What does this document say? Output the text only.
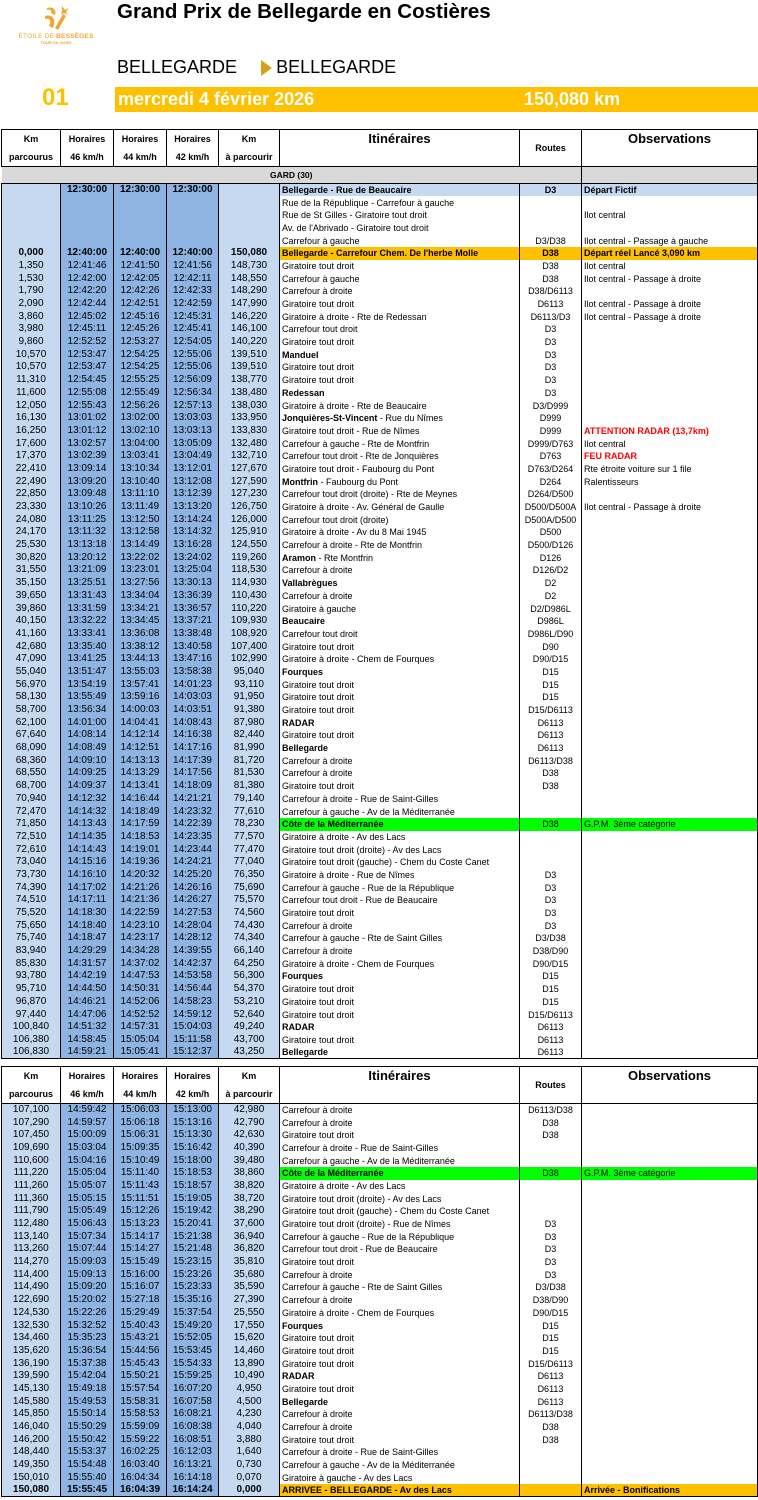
ÉTOILE DE BESSÈGES
TOUR DU GARD
Grand Prix de Bellegarde en Costières
BELLEGARDE BELLEGARDE
01	mercredi 4 février 2026	150,080 km
Km
parcourus	Horaires
46 km/h	Horaires
44 km/h	Horaires
42 km/h	Km
à parcourir	Itinéraires	Routes	Observations
GARD (30)							
	12:30:00	12:30:00	12:30:00		Bellegarde - Rue de Beaucaire	D3	Départ Fictif
					Rue de la République - Carrefour à gauche		
					Rue de St Gilles - Giratoire tout droit		Ilot central
					Av. de l'Abrivado - Giratoire tout droit		
					Carrefour à gauche	D3/D38	Ilot central - Passage à gauche
0,000	12:40:00	12:40:00	12:40:00	150,080	Bellegarde - Carrefour Chem. De l'herbe Molle	D38	Départ réel Lancé 3,090 km
1,350	12:41:46	12:41:50	12:41:56	148,730	Giratoire tout droit	D38	Ilot central
1,530	12:42:00	12:42:05	12:42:11	148,550	Carrefour à gauche	D38	Ilot central - Passage à droite
1,790	12:42:20	12:42:26	12:42:33	148,290	Carrefour à droite	D38/D6113	
2,090	12:42:44	12:42:51	12:42:59	147,990	Giratoire tout droit	D6113	Ilot central - Passage à droite
3,860	12:45:02	12:45:16	12:45:31	146,220	Giratoire à droite - Rte de Redessan	D6113/D3	Ilot central - Passage à droite
3,980	12:45:11	12:45:26	12:45:41	146,100	Carrefour tout droit	D3	
9,860	12:52:52	12:53:27	12:54:05	140,220	Giratoire tout droit	D3	
10,570	12:53:47	12:54:25	12:55:06	139,510	Manduel	D3	
10,570	12:53:47	12:54:25	12:55:06	139,510	Giratoire tout droit	D3	
11,310	12:54:45	12:55:25	12:56:09	138,770	Giratoire tout droit	D3	
11,600	12:55:08	12:55:49	12:56:34	138,480	Redessan	D3	
12,050	12:55:43	12:56:26	12:57:13	138,030	Giratoire à droite - Rte de Beaucaire	D3/D999	
16,130	13:01:02	13:02:00	13:03:03	133,950	Jonquières-St-Vincent - Rue du Nîmes	D999	
16,250	13:01:12	13:02:10	13:03:13	133,830	Giratoire tout droit - Rue de Nîmes	D999	ATTENTION RADAR (13,7km)
17,600	13:02:57	13:04:00	13:05:09	132,480	Carrefour à gauche - Rte de Montfrin	D999/D763	Ilot central
17,370	13:02:39	13:03:41	13:04:49	132,710	Carrefour tout droit - Rte de Jonquières	D763	FEU RADAR
22,410	13:09:14	13:10:34	13:12:01	127,670	Giratoire tout droit - Faubourg du Pont	D763/D264	Rte étroite voiture sur 1 file
22,490	13:09:20	13:10:40	13:12:08	127,590	Montfrin - Faubourg du Pont	D264	Ralentisseurs
22,850	13:09:48	13:11:10	13:12:39	127,230	Carrefour tout droit (droite) - Rte de Meynes	D264/D500	
23,330	13:10:26	13:11:49	13:13:20	126,750	Giratoire à droite - Av. Général de Gaulle	D500/D500A	Ilot central - Passage à droite
24,080	13:11:25	13:12:50	13:14:24	126,000	Carrefour tout droit (droite)	D500A/D500	
24,170	13:11:32	13:12:58	13:14:32	125,910	Giratoire à droite - Av du 8 Mai 1945	D500	
25,530	13:13:18	13:14:49	13:16:28	124,550	Carrefour à droite - Rte de Montfrin	D500/D126	
30,820	13:20:12	13:22:02	13:24:02	119,260	Aramon - Rte Montfrin	D126	
31,550	13:21:09	13:23:01	13:25:04	118,530	Carrefour à droite	D126/D2	
35,150	13:25:51	13:27:56	13:30:13	114,930	Vallabrègues	D2	
39,650	13:31:43	13:34:04	13:36:39	110,430	Carrefour à droite	D2	
39,860	13:31:59	13:34:21	13:36:57	110,220	Giratoire à gauche	D2/D986L	
40,150	13:32:22	13:34:45	13:37:21	109,930	Beaucaire	D986L	
41,160	13:33:41	13:36:08	13:38:48	108,920	Carrefour tout droit	D986L/D90	
42,680	13:35:40	13:38:12	13:40:58	107,400	Giratoire tout droit	D90	
47,090	13:41:25	13:44:13	13:47:16	102,990	Giratoire à droite - Chem de Fourques	D90/D15	
55,040	13:51:47	13:55:03	13:58:38	95,040	Fourques	D15	
56,970	13:54:19	13:57:41	14:01:23	93,110	Giratoire tout droit	D15	
58,130	13:55:49	13:59:16	14:03:03	91,950	Giratoire tout droit	D15	
58,700	13:56:34	14:00:03	14:03:51	91,380	Giratoire tout droit	D15/D6113	
62,100	14:01:00	14:04:41	14:08:43	87,980	RADAR	D6113	
67,640	14:08:14	14:12:14	14:16:38	82,440	Giratoire tout droit	D6113	
68,090	14:08:49	14:12:51	14:17:16	81,990	Bellegarde	D6113	
68,360	14:09:10	14:13:13	14:17:39	81,720	Carrefour à droite	D6113/D38	
68,550	14:09:25	14:13:29	14:17:56	81,530	Carrefour à droite	D38	
68,700	14:09:37	14:13:41	14:18:09	81,380	Giratoire tout droit	D38	
70,940	14:12:32	14:16:44	14:21:21	79,140	Carrefour à droite - Rue de Saint-Gilles		
72,470	14:14:32	14:18:49	14:23:32	77,610	Carrefour à gauche - Av de la Méditerranée		
71,850	14:13:43	14:17:59	14:22:39	78,230	Côte de la Méditerranée	D38	G.P.M. 3ème catégorie
72,510	14:14:35	14:18:53	14:23:35	77,570	Giratoire à droite - Av des Lacs		
72,610	14:14:43	14:19:01	14:23:44	77,470	Giratoire tout droit (droite) - Av des Lacs		
73,040	14:15:16	14:19:36	14:24:21	77,040	Giratoire tout droit (gauche) - Chem du Coste Canet		
73,730	14:16:10	14:20:32	14:25:20	76,350	Giratoire à droite - Rue de Nîmes	D3	
74,390	14:17:02	14:21:26	14:26:16	75,690	Carrefour à gauche - Rue de la République	D3	
74,510	14:17:11	14:21:36	14:26:27	75,570	Carrefour tout droit - Rue de Beaucaire	D3	
75,520	14:18:30	14:22:59	14:27:53	74,560	Giratoire tout droit	D3	
75,650	14:18:40	14:23:10	14:28:04	74,430	Carrefour à droite	D3	
75,740	14:18:47	14:23:17	14:28:12	74,340	Carrefour à gauche - Rte de Saint Gilles	D3/D38	
83,940	14:29:29	14:34:28	14:39:55	66,140	Carrefour à droite	D38/D90	
85,830	14:31:57	14:37:02	14:42:37	64,250	Giratoire à droite - Chem de Fourques	D90/D15	
93,780	14:42:19	14:47:53	14:53:58	56,300	Fourques	D15	
95,710	14:44:50	14:50:31	14:56:44	54,370	Giratoire tout droit	D15	
96,870	14:46:21	14:52:06	14:58:23	53,210	Giratoire tout droit	D15	
97,440	14:47:06	14:52:52	14:59:12	52,640	Giratoire tout droit	D15/D6113	
100,840	14:51:32	14:57:31	15:04:03	49,240	RADAR	D6113	
106,380	14:58:45	15:05:04	15:11:58	43,700	Giratoire tout droit	D6113	
106,830	14:59:21	15:05:41	15:12:37	43,250	Bellegarde	D6113	
Km
parcourus	Horaires
46 km/h	Horaires
44 km/h	Horaires
42 km/h	Km
à parcourir	Itinéraires	Routes	Observations
107,100	14:59:42	15:06:03	15:13:00	42,980	Carrefour à droite	D6113/D38	
107,290	14:59:57	15:06:18	15:13:16	42,790	Carrefour à droite	D38	
107,450	15:00:09	15:06:31	15:13:30	42,630	Giratoire tout droit	D38	
109,690	15:03:04	15:09:35	15:16:42	40,390	Carrefour à droite - Rue de Saint-Gilles		
110,600	15:04:16	15:10:49	15:18:00	39,480	Carrefour à gauche - Av de la Méditerranée		
111,220	15:05:04	15:11:40	15:18:53	38,860	Côte de la Méditerranée	D38	G.P.M. 3ème catégorie
111,260	15:05:07	15:11:43	15:18:57	38,820	Giratoire à droite - Av des Lacs		
111,360	15:05:15	15:11:51	15:19:05	38,720	Giratoire tout droit (droite) - Av des Lacs		
111,790	15:05:49	15:12:26	15:19:42	38,290	Giratoire tout droit (gauche) - Chem du Coste Canet		
112,480	15:06:43	15:13:23	15:20:41	37,600	Giratoire tout droit (droite) - Rue de Nîmes	D3	
113,140	15:07:34	15:14:17	15:21:38	36,940	Carrefour à gauche - Rue de la République	D3	
113,260	15:07:44	15:14:27	15:21:48	36,820	Carrefour tout droit - Rue de Beaucaire	D3	
114,270	15:09:03	15:15:49	15:23:15	35,810	Giratoire tout droit	D3	
114,400	15:09:13	15:16:00	15:23:26	35,680	Carrefour à droite	D3	
114,490	15:09:20	15:16:07	15:23:33	35,590	Carrefour à gauche - Rte de Saint Gilles	D3/D38	
122,690	15:20:02	15:27:18	15:35:16	27,390	Carrefour à droite	D38/D90	
124,530	15:22:26	15:29:49	15:37:54	25,550	Giratoire à droite - Chem de Fourques	D90/D15	
132,530	15:32:52	15:40:43	15:49:20	17,550	Fourques	D15	
134,460	15:35:23	15:43:21	15:52:05	15,620	Giratoire tout droit	D15	
135,620	15:36:54	15:44:56	15:53:45	14,460	Giratoire tout droit	D15	
136,190	15:37:38	15:45:43	15:54:33	13,890	Giratoire tout droit	D15/D6113	
139,590	15:42:04	15:50:21	15:59:25	10,490	RADAR	D6113	
145,130	15:49:18	15:57:54	16:07:20	4,950	Giratoire tout droit	D6113	
145,580	15:49:53	15:58:31	16:07:58	4,500	Bellegarde	D6113	
145,850	15:50:14	15:58:53	16:08:21	4,230	Carrefour à droite	D6113/D38	
146,040	15:50:29	15:59:09	16:08:38	4,040	Carrefour à droite	D38	
146,200	15:50:42	15:59:22	16:08:51	3,880	Giratoire tout droit	D38	
148,440	15:53:37	16:02:25	16:12:03	1,640	Carrefour à droite - Rue de Saint-Gilles		
149,350	15:54:48	16:03:40	16:13:21	0,730	Carrefour à gauche - Av de la Méditerranée		
150,010	15:55:40	16:04:34	16:14:18	0,070	Giratoire à gauche - Av des Lacs		
150,080	15:55:45	16:04:39	16:14:24	0,000	ARRIVEE - BELLEGARDE - Av des Lacs		Arrivée - Bonifications
